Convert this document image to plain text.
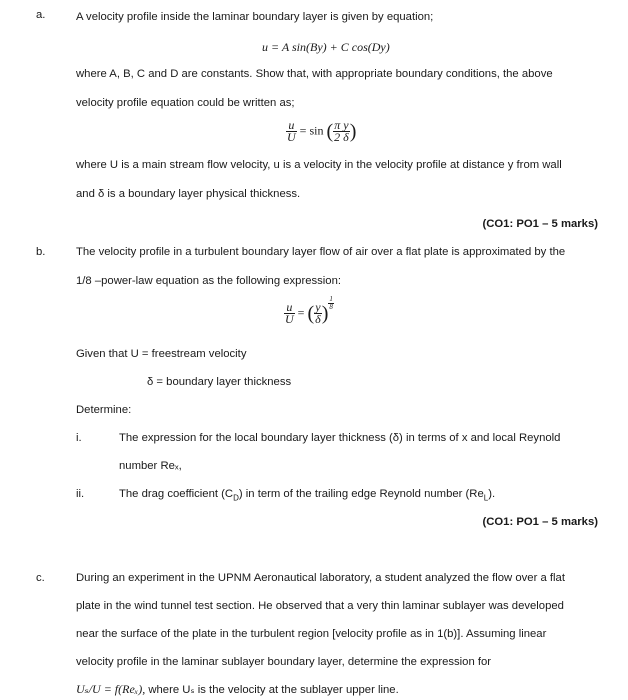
a.	A velocity profile inside the laminar boundary layer is given by equation;
u = A sin(By) + C cos(Dy)
where A, B, C and D are constants. Show that, with appropriate boundary conditions, the above
velocity profile equation could be written as;
$\frac{u}{U} = \sin$ ( $\frac{\text{π y}}{2 \delta}$ )
where U is a main stream flow velocity, u is a velocity in the velocity profile at distance y from wall
and δ is a boundary layer physical thickness.
(CO1: PO1 – 5 marks)
b.	The velocity profile in a turbulent boundary layer flow of air over a flat plate is approximated by the
1/8 –power-law equation as the following expression:
$\frac{u}{U}$ = ( $\frac{y}{\delta}$ ) $\frac{1}{8}$
Given that U = freestream velocity
δ = boundary layer thickness
Determine:
i.	The expression for the local boundary layer thickness (δ) in terms of x and local Reynold
number Reₓ,
ii.	The drag coefficient $(C_D)$ in term of the trailing edge Reynold number $(Re_L)$.
(CO1: PO1 – 5 marks)
c.	During an experiment in the UPNM Aeronautical laboratory, a student analyzed the flow over a flat
plate in the wind tunnel test section. He observed that a very thin laminar sublayer was developed
near the surface of the plate in the turbulent region [velocity profile as in 1(b)]. Assuming linear
velocity profile in the laminar sublayer boundary layer, determine the expression for
Uₛ/U = f(Reₓ), where Uₛ is the velocity at the sublayer upper line.
